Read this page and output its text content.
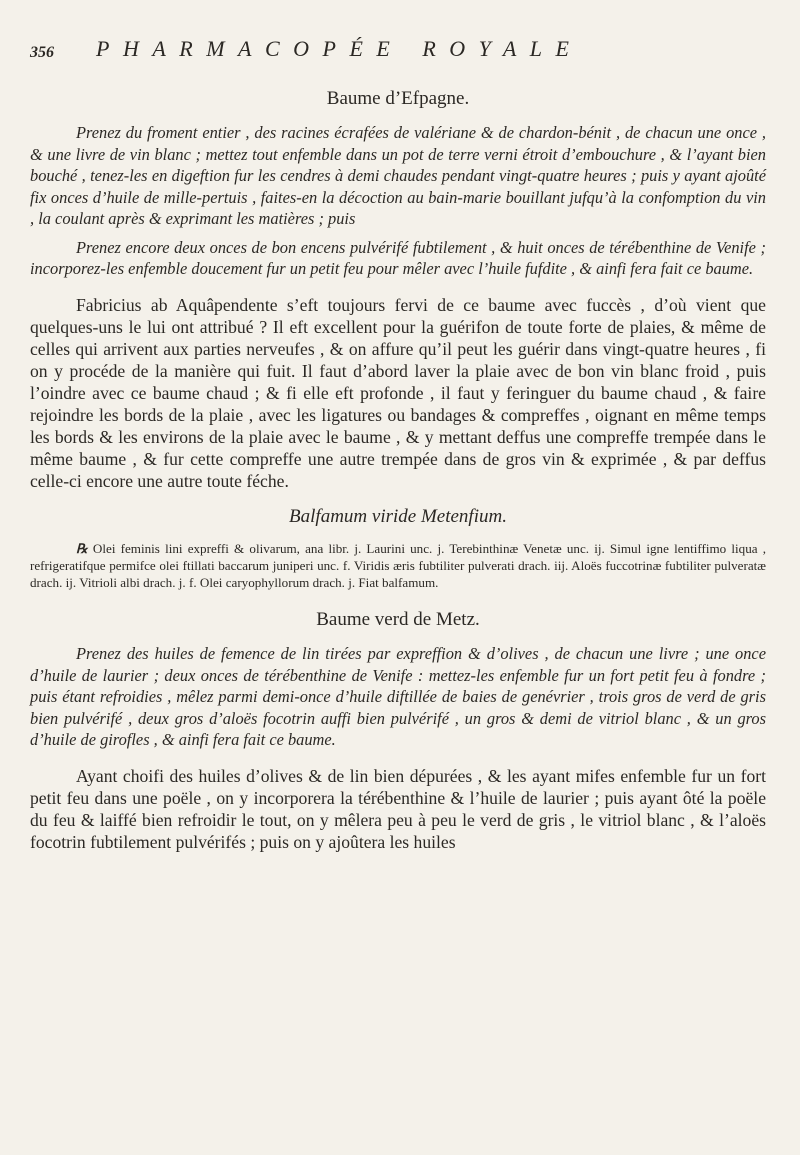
356 PHARMACOPÉE ROYALE
Baume d’Efpagne.

Prenez du froment entier , des racines écrafées de valériane & de chardon-bénit , de chacun une once , & une livre de vin blanc ; mettez tout enfemble dans un pot de terre verni étroit d’embouchure , & l’ayant bien bouché , tenez-les en digeftion fur les cendres à demi chaudes pendant vingt-quatre heures ; puis y ayant ajoûté fix onces d’huile de mille-pertuis , faites-en la décoction au bain-marie bouillant jufqu’à la confomption du vin , la coulant après & exprimant les matières ; puis

Prenez encore deux onces de bon encens pulvérifé fubtilement , & huit onces de térébenthine de Venife ; incorporez-les enfemble doucement fur un petit feu pour mêler avec l’huile fufdite , & ainfi fera fait ce baume.

Fabricius ab Aquâpendente s’eft toujours fervi de ce baume avec fuccès , d’où vient que quelques-uns le lui ont attribué ? Il eft excellent pour la guérifon de toute forte de plaies, & même de celles qui arrivent aux parties nerveufes , & on affure qu’il peut les guérir dans vingt-quatre heures , fi on y procéde de la manière qui fuit. Il faut d’abord laver la plaie avec de bon vin blanc froid , puis l’oindre avec ce baume chaud ; & fi elle eft profonde , il faut y feringuer du baume chaud , & faire rejoindre les bords de la plaie , avec les ligatures ou bandages & compreffes , oignant en même temps les bords & les environs de la plaie avec le baume , & y mettant deffus une compreffe trempée dans le même baume , & fur cette compreffe une autre trempée dans de gros vin & exprimée , & par deffus celle-ci encore une autre toute féche.

Balfamum viride Metenfium.

℞ Olei feminis lini expreffi & olivarum, ana libr. j. Laurini unc. j. Terebinthinæ Venetæ unc. ij. Simul igne lentiffimo liqua , refrigeratifque permifce olei ftillati baccarum juniperi unc. f. Viridis æris fubtiliter pulverati drach. iij. Aloës fuccotrinæ fubtiliter pulveratæ drach. ij. Vitrioli albi drach. j. f. Olei caryophyllorum drach. j. Fiat balfamum.

Baume verd de Metz.

Prenez des huiles de femence de lin tirées par expreffion & d’olives , de chacun une livre ; une once d’huile de laurier ; deux onces de térébenthine de Venife : mettez-les enfemble fur un fort petit feu à fondre ; puis étant refroidies , mêlez parmi demi-once d’huile diftillée de baies de genévrier , trois gros de verd de gris bien pulvérifé , deux gros d’aloës focotrin auffi bien pulvérifé , un gros & demi de vitriol blanc , & un gros d’huile de girofles , & ainfi fera fait ce baume.

Ayant choifi des huiles d’olives & de lin bien dépurées , & les ayant mifes enfemble fur un fort petit feu dans une poële , on y incorporera la térébenthine & l’huile de laurier ; puis ayant ôté la poële du feu & laiffé bien refroidir le tout, on y mêlera peu à peu le verd de gris , le vitriol blanc , & l’aloës focotrin fubtilement pulvérifés ; puis on y ajoûtera les huiles
